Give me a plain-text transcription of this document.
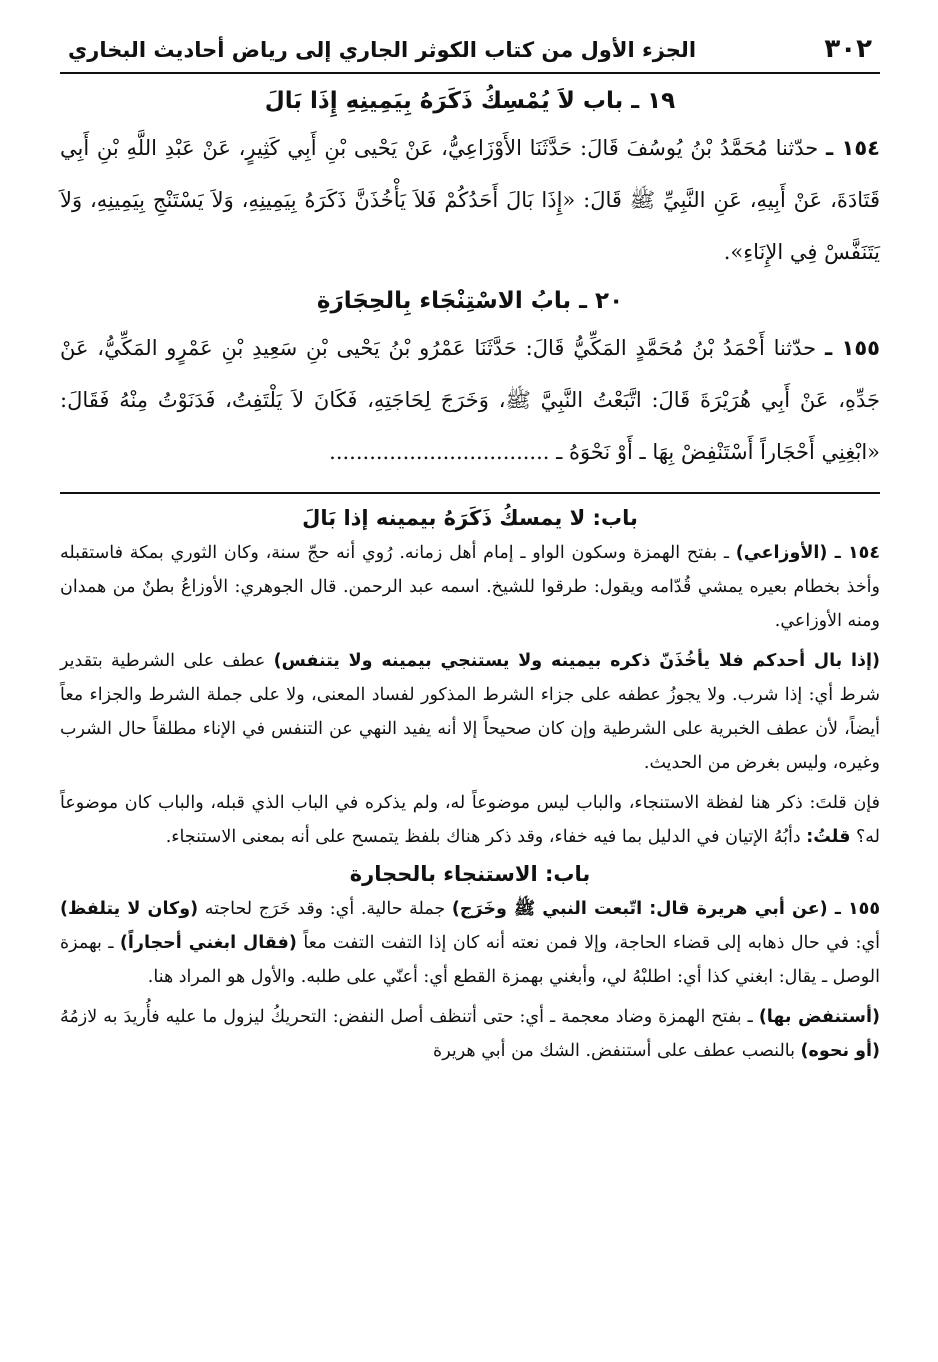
٣٠٢
الجزء الأول من كتاب الكوثر الجاري إلى رياض أحاديث البخاري
١٩ ـ باب لاَ يُمْسِكُ ذَكَرَهُ بِيَمِينِهِ إِذَا بَالَ

١٥٤ ـ حدّثنا مُحَمَّدُ بْنُ يُوسُفَ قَالَ: حَدَّثَنَا الأَوْزَاعِيُّ، عَنْ يَحْيى بْنِ أَبِي كَثِيرٍ، عَنْ عَبْدِ اللَّهِ بْنِ أَبِي قَتَادَةَ، عَنْ أَبِيهِ، عَنِ النَّبِيِّ ﷺ قَالَ: «إِذَا بَالَ أَحَدُكُمْ فَلاَ يَأْخُذَنَّ ذَكَرَهُ بِيَمِينِهِ، وَلاَ يَسْتَنْجِ بِيَمِينِهِ، وَلاَ يَتَنَفَّسْ فِي الإِنَاءِ».

٢٠ ـ بابُ الاسْتِنْجَاء بِالحِجَارَةِ

١٥٥ ـ حدّثنا أَحْمَدُ بْنُ مُحَمَّدٍ المَكِّيُّ قَالَ: حَدَّثَنَا عَمْرُو بْنُ يَحْيى بْنِ سَعِيدِ بْنِ عَمْرٍو المَكِّيُّ، عَنْ جَدِّهِ، عَنْ أَبِي هُرَيْرَةَ قَالَ: اتَّبَعْتُ النَّبِيَّ ﷺ، وَخَرَجَ لِحَاجَتِهِ، فَكَانَ لاَ يَلْتَفِتُ، فَدَنَوْتُ مِنْهُ فَقَالَ: «ابْغِنِي أَحْجَاراً أَسْتَنْفِضْ بِهَا ـ أَوْ نَحْوَهُ ـ .................................

باب: لا يمسكُ ذَكَرَهُ بيمينه إذا بَالَ

١٥٤ ـ (الأوزاعي) ـ بفتح الهمزة وسكون الواو ـ إمام أهل زمانه. رُوي أنه حجّ سنة، وكان الثوري بمكة فاستقبله وأخذ بخطام بعيره يمشي قُدّامه ويقول: طرقوا للشيخ. اسمه عبد الرحمن. قال الجوهري: الأوزاعُ بطنٌ من همدان ومنه الأوزاعي.

(إذا بال أحدكم فلا يأخُذَنّ ذكره بيمينه ولا يستنجي بيمينه ولا يتنفس) عطف على الشرطية بتقدير شرط أي: إذا شرب. ولا يجوزُ عطفه على جزاء الشرط المذكور لفساد المعنى، ولا على جملة الشرط والجزاء معاً أيضاً، لأن عطف الخبرية على الشرطية وإن كان صحيحاً إلا أنه يفيد النهي عن التنفس في الإناء مطلقاً حال الشرب وغيره، وليس بغرض من الحديث.

فإن قلتَ: ذكر هنا لفظة الاستنجاء، والباب ليس موضوعاً له، ولم يذكره في الباب الذي قبله، والباب كان موضوعاً له؟ قلتُ: دأبُهُ الإتيان في الدليل بما فيه خفاء، وقد ذكر هناك بلفظ يتمسح على أنه بمعنى الاستنجاء.

باب: الاستنجاء بالحجارة

١٥٥ ـ (عن أبي هريرة قال: اتّبعت النبي ﷺ وخَرَج) جملة حالية. أي: وقد خَرَج لحاجته (وكان لا يتلفظ) أي: في حال ذهابه إلى قضاء الحاجة، وإلا فمن نعته أنه كان إذا التفت التفت معاً (فقال ابغني أحجاراً) ـ بهمزة الوصل ـ يقال: ابغني كذا أي: اطلبْهُ لي، وأبغني بهمزة القطع أي: أعنّي على طلبه. والأول هو المراد هنا.

(أستنفض بها) ـ بفتح الهمزة وضاد معجمة ـ أي: حتى أتنظف أصل النفض: التحريكُ ليزول ما عليه فأُريدَ به لازمُهُ (أو نحوه) بالنصب عطف على أستنفض. الشك من أبي هريرة
